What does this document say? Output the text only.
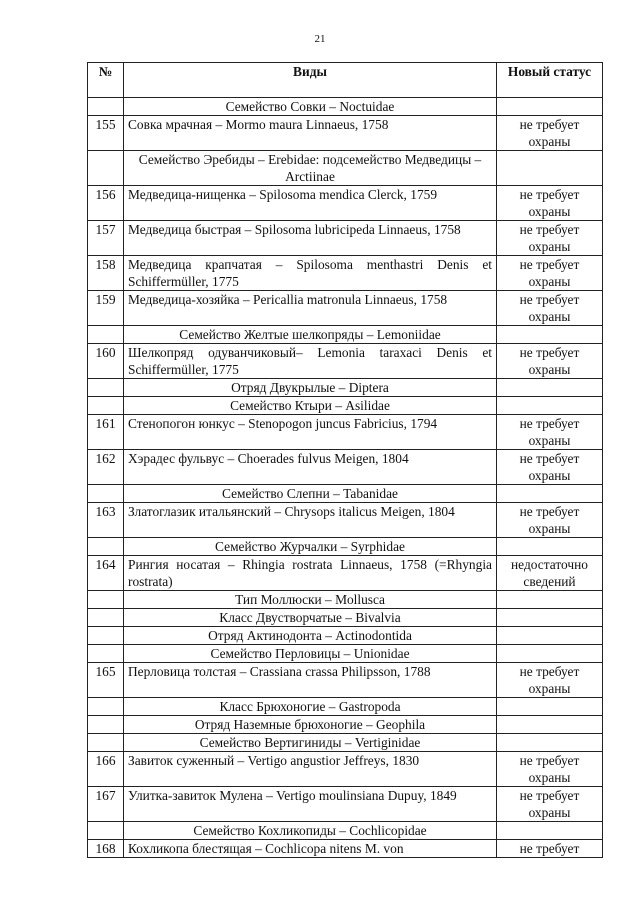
21
№	Виды	Новый статус
	Семейство Совки – Noctuidae	
155	Совка мрачная – Mormo maura Linnaeus, 1758	не требует охраны
	Семейство Эребиды – Erebidae: подсемейство Медведицы – Arctiinae	
156	Медведица-нищенка – Spilosoma mendica Clerck, 1759	не требует охраны
157	Медведица быстрая – Spilosoma lubricipeda Linnaeus, 1758	не требует охраны
158	Медведица крапчатая – Spilosoma menthastri Denis et Schiffermüller, 1775	не требует охраны
159	Медведица-хозяйка – Pericallia matronula Linnaeus, 1758	не требует охраны
	Семейство Желтые шелкопряды – Lemoniidae	
160	Шелкопряд одуванчиковый– Lemonia taraxaci Denis et Schiffermüller, 1775	не требует охраны
	Отряд Двукрылые – Diptera	
	Семейство Ктыри – Asilidae	
161	Стенопогон юнкус – Stenopogon juncus Fabricius, 1794	не требует охраны
162	Хэрадес фульвус – Choerades fulvus Meigen, 1804	не требует охраны
	Семейство Слепни – Tabanidae	
163	Златоглазик итальянский – Chrysops italicus Meigen, 1804	не требует охраны
	Семейство Журчалки – Syrphidae	
164	Рингия носатая – Rhingia rostrata Linnaeus, 1758 (=Rhyngia rostrata)	недостаточно сведений
	Тип Моллюски – Mollusca	
	Класс Двустворчатые – Bivalvia	
	Отряд Актинодонта – Actinodontida	
	Семейство Перловицы – Unionidae	
165	Перловица толстая – Crassiana crassa Philipsson, 1788	не требует охраны
	Класс Брюхоногие – Gastropoda	
	Отряд Наземные брюхоногие – Geophila	
	Семейство Вертигиниды – Vertiginidae	
166	Завиток суженный – Vertigo angustior Jeffreys, 1830	не требует охраны
167	Улитка-завиток Мулена – Vertigo moulinsiana Dupuy, 1849	не требует охраны
	Семейство Кохликопиды – Cochlicopidae	
168	Кохликопа блестящая – Cochlicopa nitens M. von	не требует
